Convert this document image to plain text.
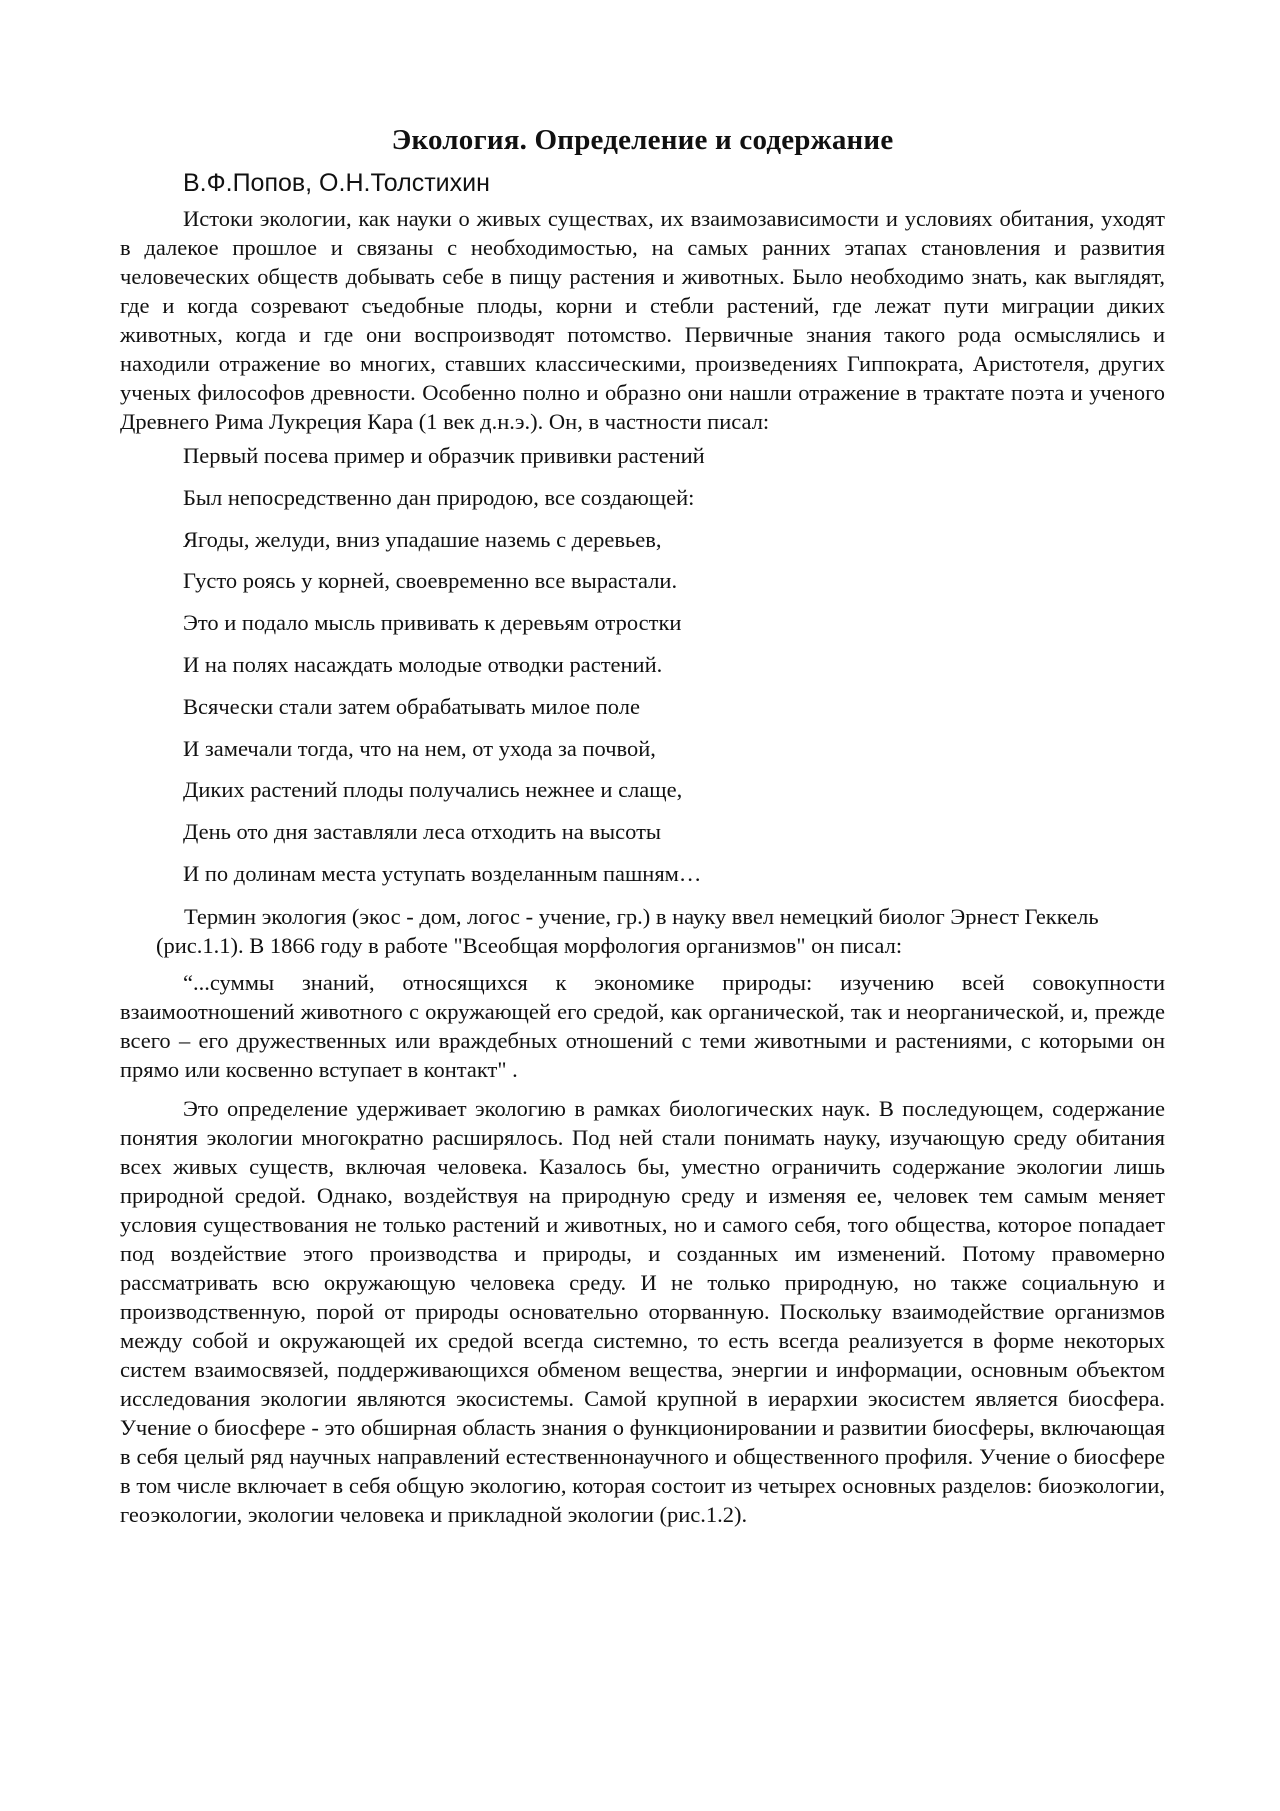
Экология. Определение и содержание
В.Ф.Попов, О.Н.Толстихин

Истоки экологии, как науки о живых существах, их взаимозависимости и условиях обитания, уходят в далекое прошлое и связаны с необходимостью, на самых ранних этапах становления и развития человеческих обществ добывать себе в пищу растения и животных. Было необходимо знать, как выглядят, где и когда созревают съедобные плоды, корни и стебли растений, где лежат пути миграции диких животных, когда и где они воспроизводят потомство. Первичные знания такого рода осмыслялись и находили отражение во многих, ставших классическими, произведениях Гиппократа, Аристотеля, других ученых философов древности. Особенно полно и образно они нашли отражение в трактате поэта и ученого Древнего Рима Лукреция Кара (1 век д.н.э.). Он, в частности писал:

Первый посева пример и образчик прививки растений
Был непосредственно дан природою, все создающей:
Ягоды, желуди, вниз упадашие наземь с деревьев,
Густо роясь у корней, своевременно все вырастали.
Это и подало мысль прививать к деревьям отростки
И на полях насаждать молодые отводки растений.
Всячески стали затем обрабатывать милое поле
И замечали тогда, что на нем, от ухода за почвой,
Диких растений плоды получались нежнее и слаще,
День ото дня заставляли леса отходить на высоты
И по долинам места уступать возделанным пашням…

Термин экология (экос - дом, логос - учение, гр.) в науку ввел немецкий биолог Эрнест Геккель (рис.1.1). В 1866 году в работе "Всеобщая морфология организмов" он писал:

“...суммы знаний, относящихся к экономике природы: изучению всей совокупности взаимоотношений животного с окружающей его средой, как органической, так и неорганической, и, прежде всего – его дружественных или враждебных отношений с теми животными и растениями, с которыми он прямо или косвенно вступает в контакт" .

Это определение удерживает экологию в рамках биологических наук. В последующем, содержание понятия экологии многократно расширялось. Под ней стали понимать науку, изучающую среду обитания всех живых существ, включая человека. Казалось бы, уместно ограничить содержание экологии лишь природной средой. Однако, воздействуя на природную среду и изменяя ее, человек тем самым меняет условия существования не только растений и животных, но и самого себя, того общества, которое попадает под воздействие этого производства и природы, и созданных им изменений. Потому правомерно рассматривать всю окружающую человека среду. И не только природную, но также социальную и производственную, порой от природы основательно оторванную. Поскольку взаимодействие организмов между собой и окружающей их средой всегда системно, то есть всегда реализуется в форме некоторых систем взаимосвязей, поддерживающихся обменом вещества, энергии и информации, основным объектом исследования экологии являются экосистемы. Самой крупной в иерархии экосистем является биосфера. Учение о биосфере - это обширная область знания о функционировании и развитии биосферы, включающая в себя целый ряд научных направлений естественнонаучного и общественного профиля. Учение о биосфере в том числе включает в себя общую экологию, которая состоит из четырех основных разделов: биоэкологии, геоэкологии, экологии человека и прикладной экологии (рис.1.2).
